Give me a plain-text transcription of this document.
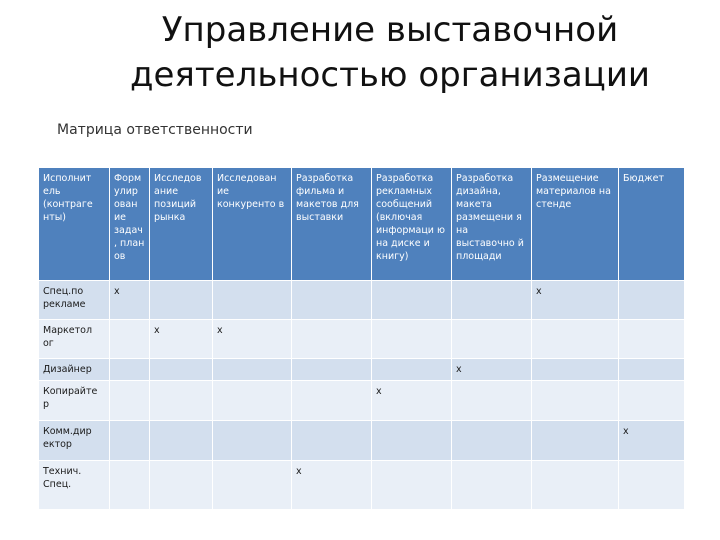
Управление выставочной
деятельностью организации
Матрица ответственности
Исполнит ель (контраге нты)	Форм улир ован ие задач, план ов	Исследов ание позиций рынка	Исследован ие конкуренто в	Разработка фильма и макетов для выставки	Разработка рекламных сообщений (включая информаци ю на диске и книгу)	Разработка дизайна, макета размещени я на выставочно й площади	Размещение материалов на стенде	Бюджет
Спец.по рекламе	x						x	
Маркетол ог		x	x					
Дизайнер						x		
Копирайте р					x			
Комм.дир ектор								x
Технич. Спец.				x				
